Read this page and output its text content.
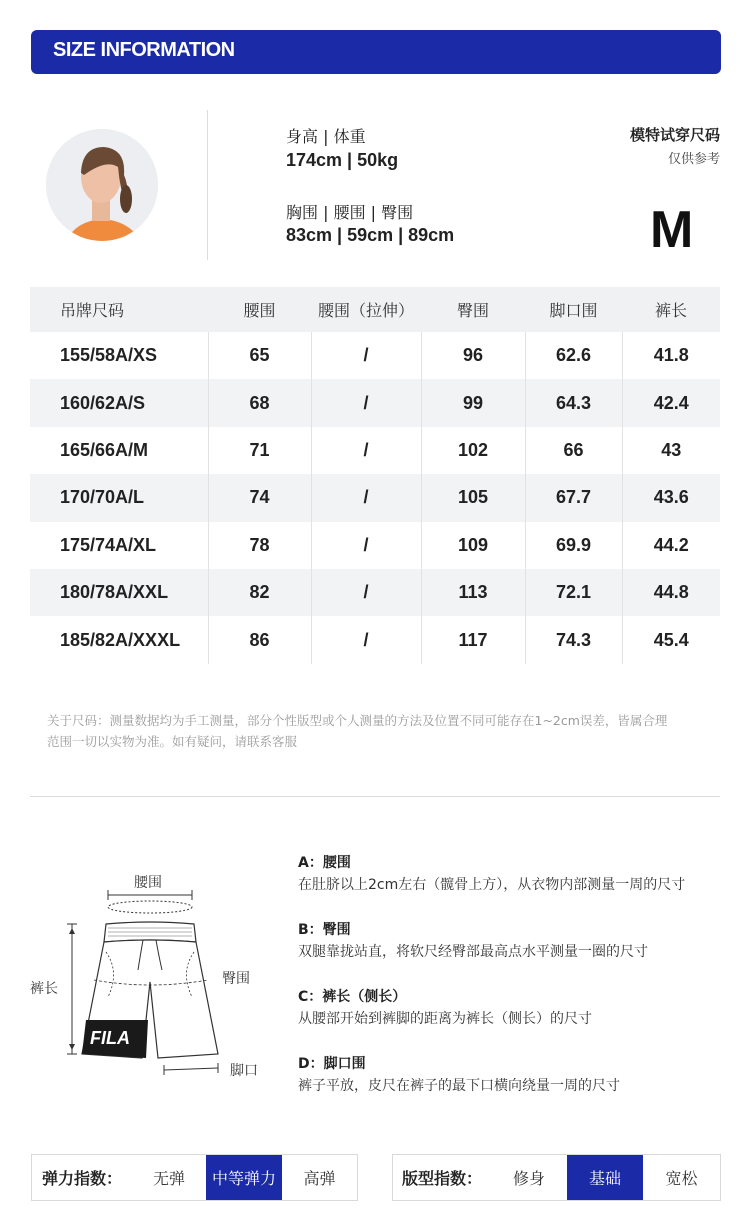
SIZE INFORMATION
身高 | 体重
174cm | 50kg
胸围 | 腰围 | 臀围
83cm | 59cm | 89cm
模特试穿尺码
仅供参考
M
吊牌尺码	腰围	腰围（拉伸）	臀围	脚口围	裤长
155/58A/XS	65	/	96	62.6	41.8
160/62A/S	68	/	99	64.3	42.4
165/66A/M	71	/	102	66	43
170/70A/L	74	/	105	67.7	43.6
175/74A/XL	78	/	109	69.9	44.2
180/78A/XXL	82	/	113	72.1	44.8
185/82A/XXXL	86	/	117	74.3	45.4
关于尺码：测量数据均为手工测量，部分个性版型或个人测量的方法及位置不同可能存在1~2cm误差，皆属合理
范围一切以实物为准。如有疑问，请联系客服
FILA
腰围
裤长
臀围
脚口
A：腰围
在肚脐以上2cm左右（髋骨上方），从衣物内部测量一周的尺寸
B：臀围
双腿靠拢站直，将软尺经臀部最高点水平测量一圈的尺寸
C：裤长（侧长）
从腰部开始到裤脚的距离为裤长（侧长）的尺寸
D：脚口围
裤子平放，皮尺在裤子的最下口横向绕量一周的尺寸
弹力指数：	无弹	中等弹力	高弹	版型指数：	修身	基础	宽松
